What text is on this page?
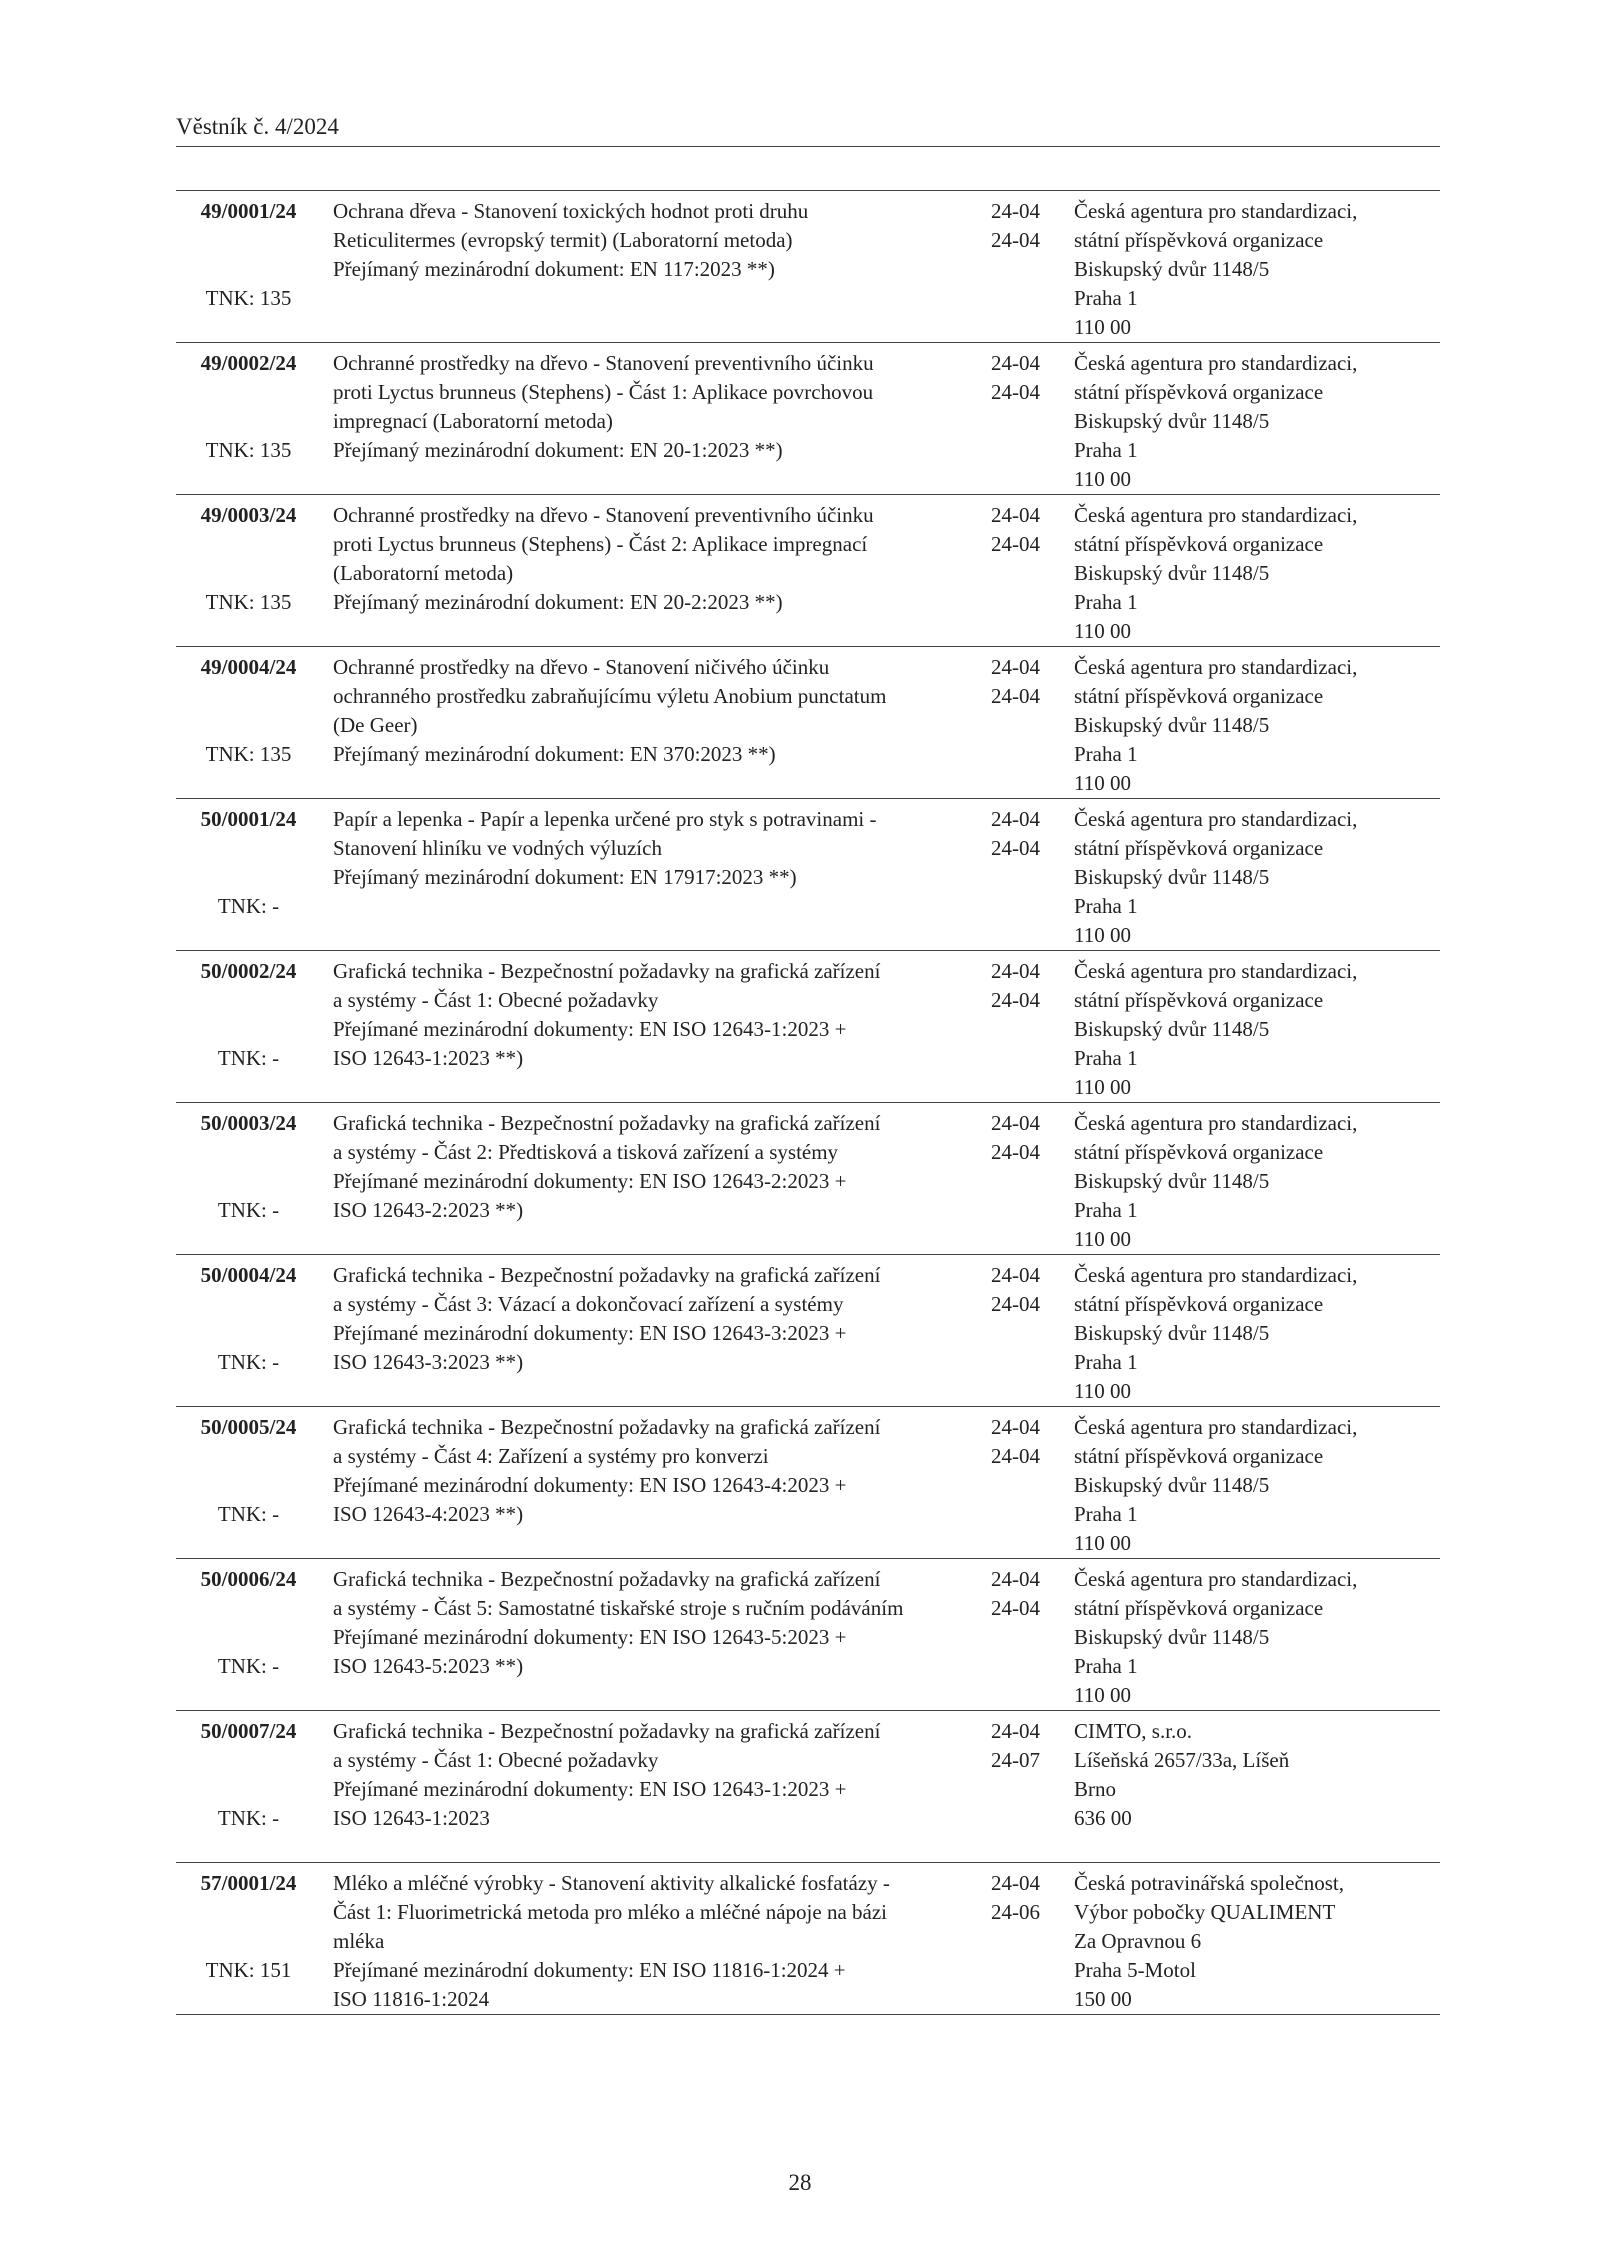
Věstník č. 4/2024
49/0001/24
TNK: 135
Ochrana dřeva - Stanovení toxických hodnot proti druhu
Reticulitermes (evropský termit) (Laboratorní metoda)
Přejímaný mezinárodní dokument: EN 117:2023 **)
24-04
24-04
Česká agentura pro standardizaci,
státní příspěvková organizace
Biskupský dvůr 1148/5
Praha 1
110 00
49/0002/24
TNK: 135
Ochranné prostředky na dřevo - Stanovení preventivního účinku
proti Lyctus brunneus (Stephens) - Část 1: Aplikace povrchovou
impregnací (Laboratorní metoda)
Přejímaný mezinárodní dokument: EN 20-1:2023 **)
24-04
24-04
Česká agentura pro standardizaci,
státní příspěvková organizace
Biskupský dvůr 1148/5
Praha 1
110 00
49/0003/24
TNK: 135
Ochranné prostředky na dřevo - Stanovení preventivního účinku
proti Lyctus brunneus (Stephens) - Část 2: Aplikace impregnací
(Laboratorní metoda)
Přejímaný mezinárodní dokument: EN 20-2:2023 **)
24-04
24-04
Česká agentura pro standardizaci,
státní příspěvková organizace
Biskupský dvůr 1148/5
Praha 1
110 00
49/0004/24
TNK: 135
Ochranné prostředky na dřevo - Stanovení ničivého účinku
ochranného prostředku zabraňujícímu výletu Anobium punctatum
(De Geer)
Přejímaný mezinárodní dokument: EN 370:2023 **)
24-04
24-04
Česká agentura pro standardizaci,
státní příspěvková organizace
Biskupský dvůr 1148/5
Praha 1
110 00
50/0001/24
TNK: -
Papír a lepenka - Papír a lepenka určené pro styk s potravinami -
Stanovení hliníku ve vodných výluzích
Přejímaný mezinárodní dokument: EN 17917:2023 **)
24-04
24-04
Česká agentura pro standardizaci,
státní příspěvková organizace
Biskupský dvůr 1148/5
Praha 1
110 00
50/0002/24
TNK: -
Grafická technika - Bezpečnostní požadavky na grafická zařízení
a systémy - Část 1: Obecné požadavky
Přejímané mezinárodní dokumenty: EN ISO 12643-1:2023 +
ISO 12643-1:2023 **)
24-04
24-04
Česká agentura pro standardizaci,
státní příspěvková organizace
Biskupský dvůr 1148/5
Praha 1
110 00
50/0003/24
TNK: -
Grafická technika - Bezpečnostní požadavky na grafická zařízení
a systémy - Část 2: Předtisková a tisková zařízení a systémy
Přejímané mezinárodní dokumenty: EN ISO 12643-2:2023 +
ISO 12643-2:2023 **)
24-04
24-04
Česká agentura pro standardizaci,
státní příspěvková organizace
Biskupský dvůr 1148/5
Praha 1
110 00
50/0004/24
TNK: -
Grafická technika - Bezpečnostní požadavky na grafická zařízení
a systémy - Část 3: Vázací a dokončovací zařízení a systémy
Přejímané mezinárodní dokumenty: EN ISO 12643-3:2023 +
ISO 12643-3:2023 **)
24-04
24-04
Česká agentura pro standardizaci,
státní příspěvková organizace
Biskupský dvůr 1148/5
Praha 1
110 00
50/0005/24
TNK: -
Grafická technika - Bezpečnostní požadavky na grafická zařízení
a systémy - Část 4: Zařízení a systémy pro konverzi
Přejímané mezinárodní dokumenty: EN ISO 12643-4:2023 +
ISO 12643-4:2023 **)
24-04
24-04
Česká agentura pro standardizaci,
státní příspěvková organizace
Biskupský dvůr 1148/5
Praha 1
110 00
50/0006/24
TNK: -
Grafická technika - Bezpečnostní požadavky na grafická zařízení
a systémy - Část 5: Samostatné tiskařské stroje s ručním podáváním
Přejímané mezinárodní dokumenty: EN ISO 12643-5:2023 +
ISO 12643-5:2023 **)
24-04
24-04
Česká agentura pro standardizaci,
státní příspěvková organizace
Biskupský dvůr 1148/5
Praha 1
110 00
50/0007/24
TNK: -
Grafická technika - Bezpečnostní požadavky na grafická zařízení
a systémy - Část 1: Obecné požadavky
Přejímané mezinárodní dokumenty: EN ISO 12643-1:2023 +
ISO 12643-1:2023
24-04
24-07
CIMTO, s.r.o.
Líšeňská 2657/33a, Líšeň
Brno
636 00
57/0001/24
TNK: 151
Mléko a mléčné výrobky - Stanovení aktivity alkalické fosfatázy -
Část 1: Fluorimetrická metoda pro mléko a mléčné nápoje na bázi
mléka
Přejímané mezinárodní dokumenty: EN ISO 11816-1:2024 +
ISO 11816-1:2024
24-04
24-06
Česká potravinářská společnost,
Výbor pobočky QUALIMENT
Za Opravnou 6
Praha 5-Motol
150 00
28
